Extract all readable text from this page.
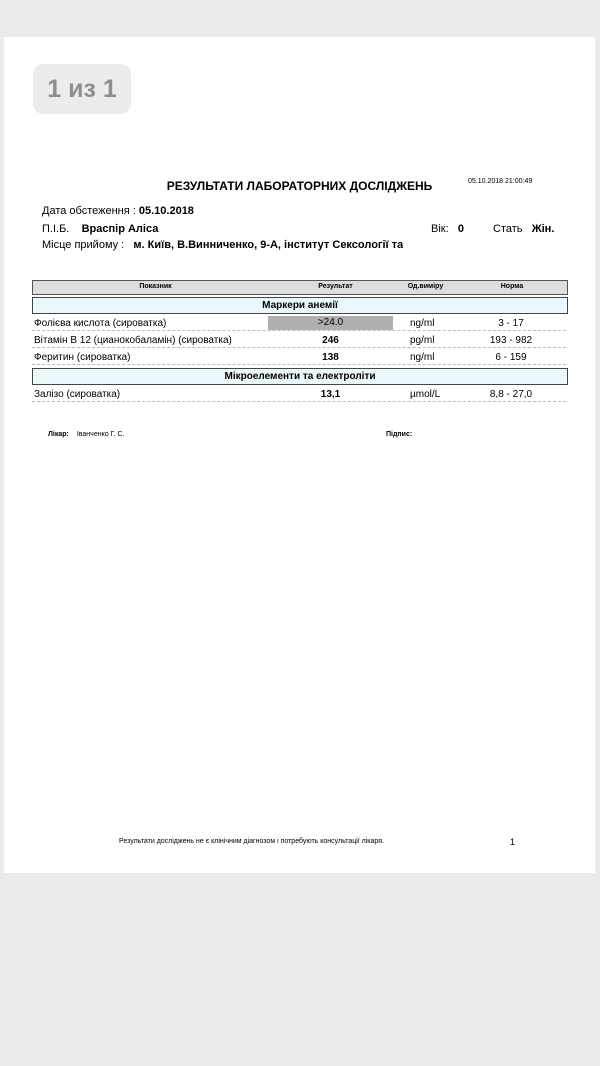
1 из 1
РЕЗУЛЬТАТИ ЛАБОРАТОРНИХ ДОСЛІДЖЕНЬ	05.10.2018 21:00:49
Дата обстеження : 05.10.2018
П.І.Б. Враспір Аліса	Вік: 0	Стать Жін.
Місце прийому : м. Київ, В.Винниченко, 9-А, інститут Сексології та
Показник	Результат	Од.виміру	Норма
Маркери анемії
Фолієва кислота (сироватка)	>24.0	ng/ml	3 - 17
Вітамін В 12 (цианокобаламін) (сироватка)	246	pg/ml	193 - 982
Феритин (сироватка)	138	ng/ml	6 - 159
Мікроелементи та електроліти
Залізо (сироватка)	13,1	µmol/L	8,8 - 27,0
Лікар: Іванченко Г. С.	Підпис:
Результати досліджень не є клінічним діагнозом і потребують консультації лікаря.	1
